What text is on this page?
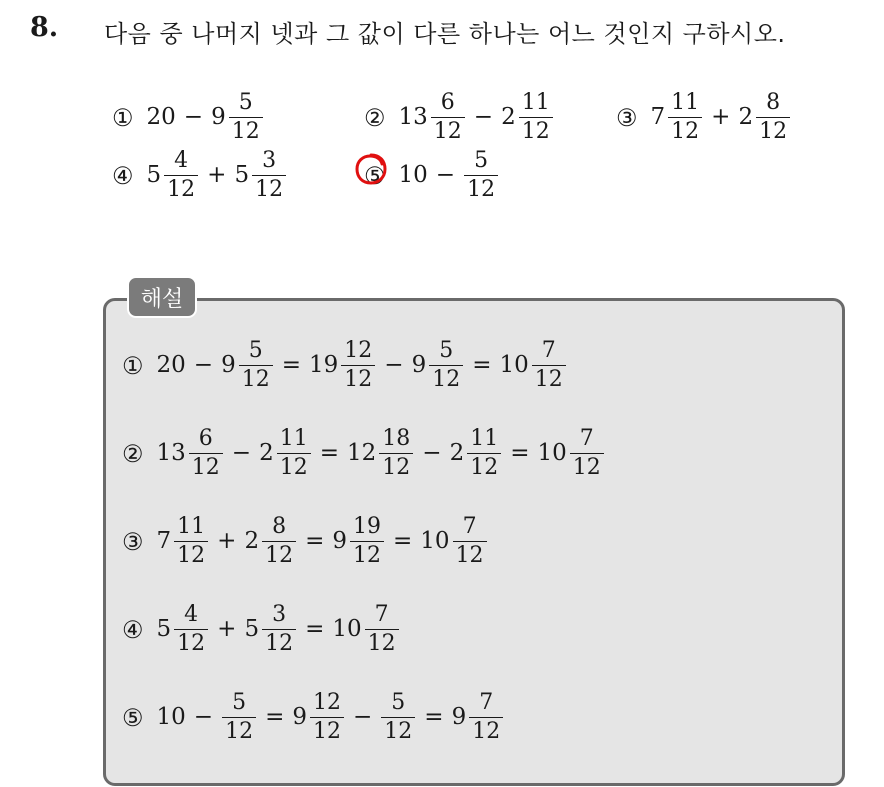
8. 다음 중 나머지 넷과 그 값이 다른 하나는 어느 것인지 구하시오.
① $20 - 9 \frac{5}{12}$	② $13 \frac{6}{12} - 2 \frac{11}{12}$	③ $7 \frac{11}{12} + 2 \frac{8}{12}$
④ $5 \frac{4}{12} + 5 \frac{3}{12}$	⑤ $10 - \frac{5}{12}$
해설
① $20 - 9 \frac{5}{12} = 19 \frac{12}{12} - 9 \frac{5}{12} = 10 \frac{7}{12}$
② $13 \frac{6}{12} - 2 \frac{11}{12} = 12 \frac{18}{12} - 2 \frac{11}{12} = 10 \frac{7}{12}$
③ $7 \frac{11}{12} + 2 \frac{8}{12} = 9 \frac{19}{12} = 10 \frac{7}{12}$
④ $5 \frac{4}{12} + 5 \frac{3}{12} = 10 \frac{7}{12}$
⑤ $10 - \frac{5}{12} = 9 \frac{12}{12} - \frac{5}{12} = 9 \frac{7}{12}$
